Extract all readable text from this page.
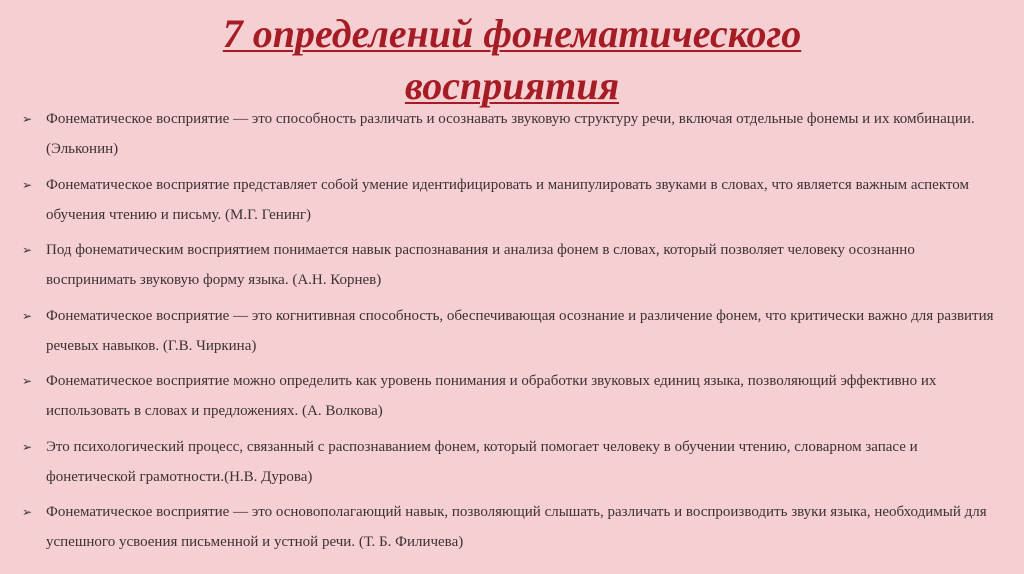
7 определений фонематического
восприятия
➢ Фонематическое восприятие — это способность различать и осознавать звуковую структуру речи, включая отдельные фонемы и их комбинации. (Эльконин)
➢ Фонематическое восприятие представляет собой умение идентифицировать и манипулировать звуками в словах, что является важным аспектом обучения чтению и письму. (М.Г. Генинг)
➢ Под фонематическим восприятием понимается навык распознавания и анализа фонем в словах, который позволяет человеку осознанно воспринимать звуковую форму языка. (А.Н. Корнев)
➢ Фонематическое восприятие — это когнитивная способность, обеспечивающая осознание и различение фонем, что критически важно для развития речевых навыков. (Г.В. Чиркина)
➢ Фонематическое восприятие можно определить как уровень понимания и обработки звуковых единиц языка, позволяющий эффективно их использовать в словах и предложениях. (А. Волкова)
➢ Это психологический процесс, связанный с распознаванием фонем, который помогает человеку в обучении чтению, словарном запасе и фонетической грамотности.(Н.В. Дурова)
➢ Фонематическое восприятие — это основополагающий навык, позволяющий слышать, различать и воспроизводить звуки языка, необходимый для успешного усвоения письменной и устной речи. (Т. Б. Филичева)
